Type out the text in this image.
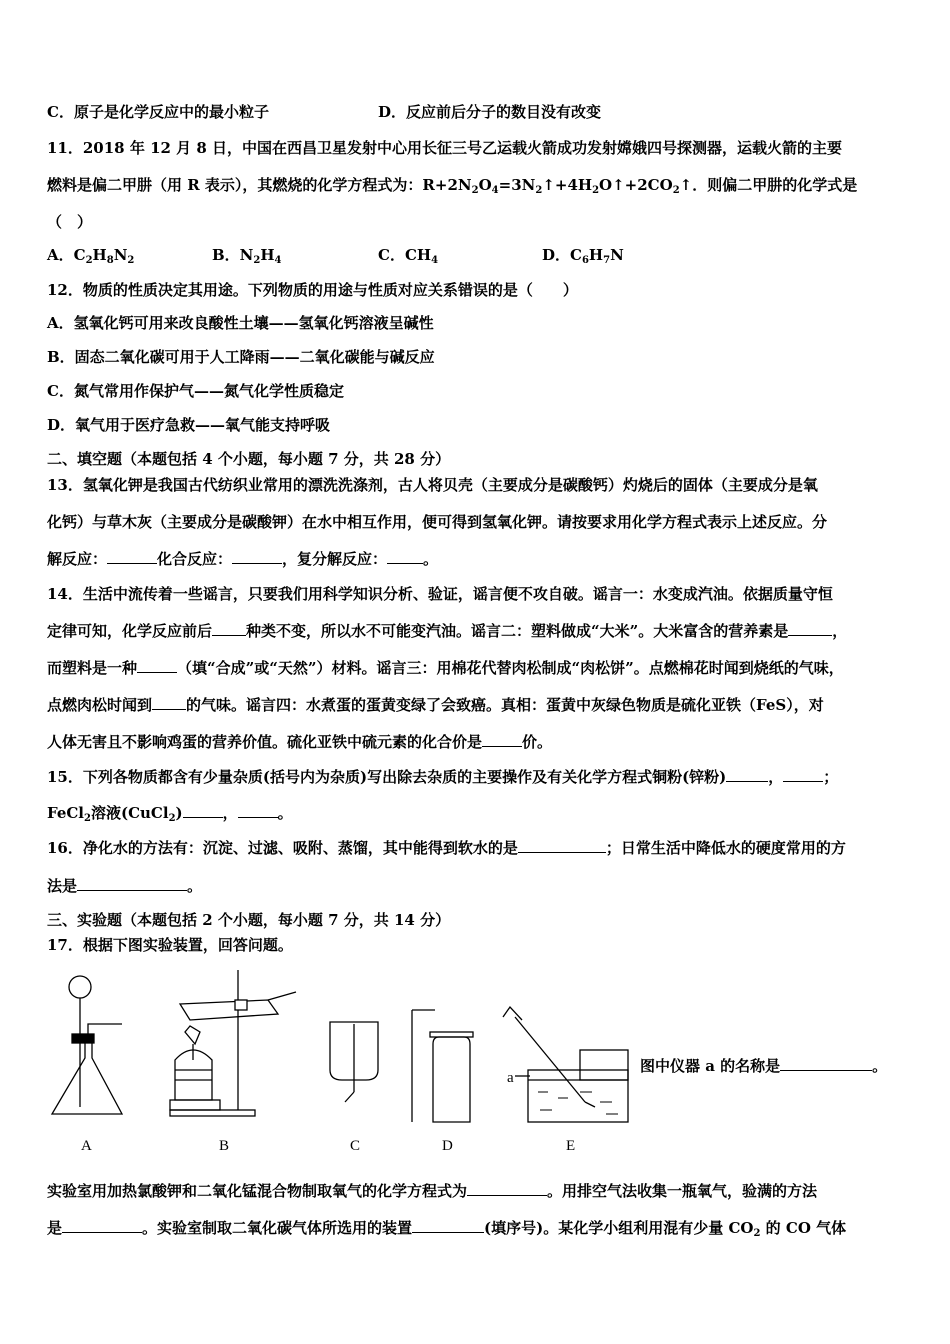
C．原子是化学反应中的最小粒子	D．反应前后分子的数目没有改变
11．2018 年 12 月 8 日，中国在西昌卫星发射中心用长征三号乙运载火箭成功发射嫦娥四号探测器，运载火箭的主要
燃料是偏二甲肼（用 R 表示），其燃烧的化学方程式为：$R+2N_2O_4=3N_2↑+4H_2O↑+2CO_2↑$．则偏二甲肼的化学式是
（　）
A．$C_2H_8N_2$	B．$N_2H_4$	C．$CH_4$	D．$C_6H_7N$
12．物质的性质决定其用途。下列物质的用途与性质对应关系错误的是（　　）
A．氢氧化钙可用来改良酸性土壤——氢氧化钙溶液呈碱性
B．固态二氧化碳可用于人工降雨——二氧化碳能与碱反应
C．氮气常用作保护气——氮气化学性质稳定
D．氧气用于医疗急救——氧气能支持呼吸
二、填空题（本题包括 4 个小题，每小题 7 分，共 28 分）
13．氢氧化钾是我国古代纺织业常用的漂洗洗涤剂，古人将贝壳（主要成分是碳酸钙）灼烧后的固体（主要成分是氧
化钙）与草木灰（主要成分是碳酸钾）在水中相互作用，便可得到氢氧化钾。请按要求用化学方程式表示上述反应。分
解反应：	化合反应：	，复分解反应： 。
14．生活中流传着一些谣言，只要我们用科学知识分析、验证，谣言便不攻自破。谣言一：水变成汽油。依据质量守恒
定律可知，化学反应前后 种类不变，所以水不可能变汽油。谣言二：塑料做成“大米”。大米富含的营养素是	，
而塑料是一种	（填“合成”或“天然”）材料。谣言三：用棉花代替肉松制成“肉松饼”。点燃棉花时闻到烧纸的气味，
点燃肉松时闻到 的气味。谣言四：水煮蛋的蛋黄变绿了会致癌。真相：蛋黄中灰绿色物质是硫化亚铁（FeS），对
人体无害且不影响鸡蛋的营养价值。硫化亚铁中硫元素的化合价是	价。
15．下列各物质都含有少量杂质(括号内为杂质)写出除去杂质的主要操作及有关化学方程式铜粉(锌粉)	，	；
FeCl$_2$溶液(CuCl$_2$)	，	。
16．净化水的方法有：沉淀、过滤、吸附、蒸馏，其中能得到软水的是	；日常生活中降低水的硬度常用的方
法是	。
三、实验题（本题包括 2 个小题，每小题 7 分，共 14 分）
17．根据下图实验装置，回答问题。
A	B	C	D	E
a
图中仪器 a 的名称是	。
实验室用加热氯酸钾和二氧化锰混合物制取氧气的化学方程式为	。用排空气法收集一瓶氧气，验满的方法
是	。实验室制取二氧化碳气体所选用的装置	(填序号)。某化学小组利用混有少量 $CO_2$ 的 CO 气体
